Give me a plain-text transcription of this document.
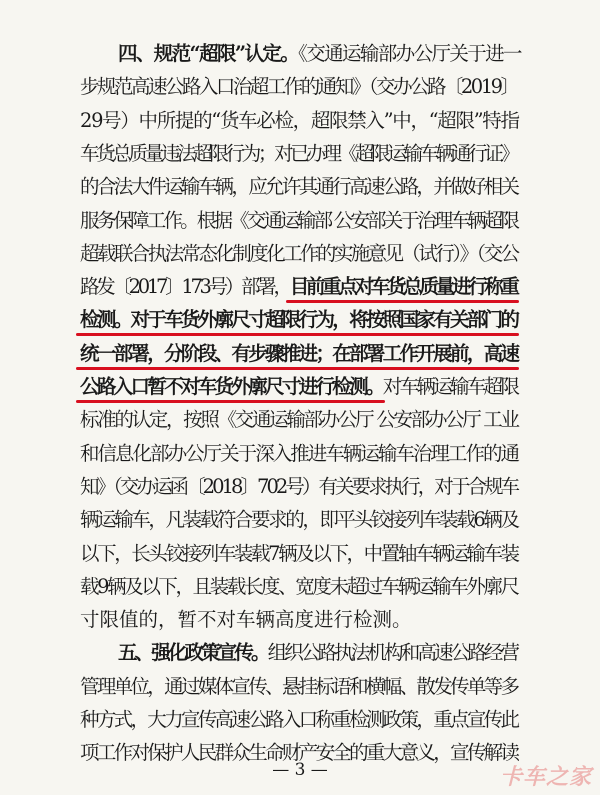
四、规范“超限”认定。《交通运输部办公厅关于进一
步规范高速公路入口治超工作的通知》（交办公路〔2019〕
29号）中所提的“货车必检，超限禁入”中，“超限”特指
车货总质量违法超限行为；对已办理《超限运输车辆通行证》
的合法大件运输车辆，应允许其通行高速公路，并做好相关
服务保障工作。根据《交通运输部 公安部关于治理车辆超限
超载联合执法常态化制度化工作的实施意见（试行）》（交公
路发〔2017〕173号）部署，目前重点对车货总质量进行称重
检测。对于车货外廓尺寸超限行为，将按照国家有关部门的
统一部署，分阶段、有步骤推进；在部署工作开展前，高速
公路入口暂不对车货外廓尺寸进行检测。对车辆运输车超限
标准的认定，按照《交通运输部办公厅 公安部办公厅 工业
和信息化部办公厅关于深入推进车辆运输车治理工作的通
知》（交办运函〔2018〕702号）有关要求执行，对于合规车
辆运输车，凡装载符合要求的，即平头铰接列车装载6辆及
以下，长头铰接列车装载7辆及以下，中置轴车辆运输车装
载9辆及以下，且装载长度、宽度未超过车辆运输车外廓尺
寸限值的，暂不对车辆高度进行检测。
五、强化政策宣传。组织公路执法机构和高速公路经营
管理单位，通过媒体宣传、悬挂标语和横幅、散发传单等多
种方式，大力宣传高速公路入口称重检测政策，重点宣传此
项工作对保护人民群众生命财产安全的重大意义，宣传解读
— 3 —	卡车之家
